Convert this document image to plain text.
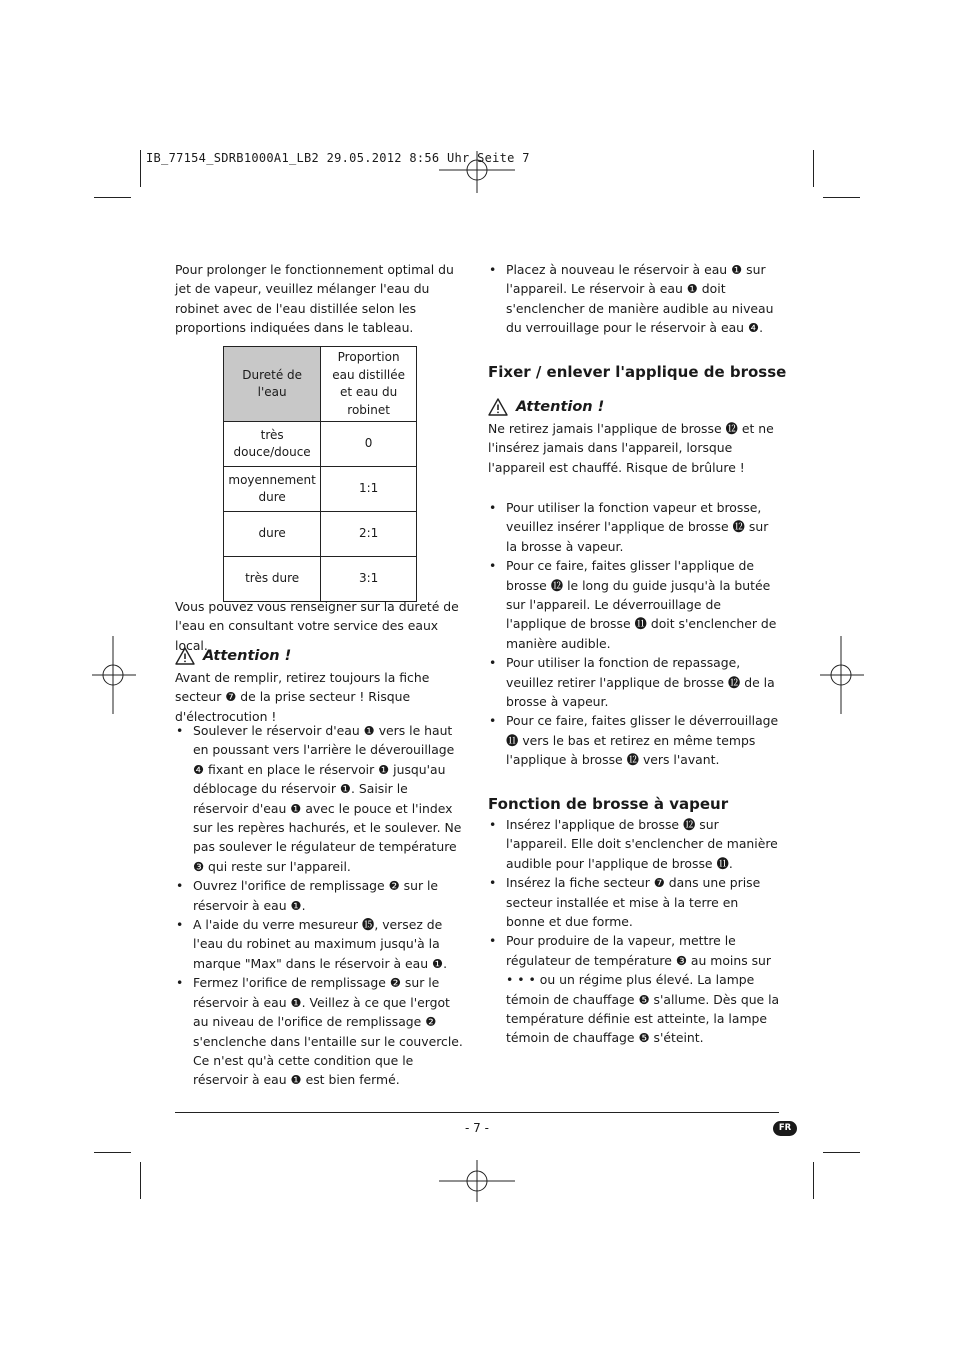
IB_77154_SDRB1000A1_LB2 29.05.2012 8:56 Uhr Seite 7
Pour prolonger le fonctionnement optimal du jet de vapeur, veuillez mélanger l'eau du robinet avec de l'eau distillée selon les proportions indiquées dans le tableau.
Dureté de l'eau	Proportion eau distillée et eau du robinet
très douce/douce	0
moyennement dure	1:1
dure	2:1
très dure	3:1
Vous pouvez vous renseigner sur la dureté de l'eau en consultant votre service des eaux local.
Attention !
Avant de remplir, retirez toujours la fiche secteur ❼ de la prise secteur ! Risque d'électrocution !
• Soulever le réservoir d'eau ❶ vers le haut en poussant vers l'arrière le déverouillage ❹ fixant en place le réservoir ❶ jusqu'au déblocage du réservoir ❶. Saisir le réservoir d'eau ❶ avec le pouce et l'index sur les repères hachurés, et le soulever. Ne pas soulever le régulateur de température ❸ qui reste sur l'appareil.
• Ouvrez l'orifice de remplissage ❷ sur le réservoir à eau ❶.
• A l'aide du verre mesureur ⓯, versez de l'eau du robinet au maximum jusqu'à la marque "Max" dans le réservoir à eau ❶.
• Fermez l'orifice de remplissage ❷ sur le réservoir à eau ❶. Veillez à ce que l'ergot au niveau de l'orifice de remplissage ❷ s'enclenche dans l'entaille sur le couvercle. Ce n'est qu'à cette condition que le réservoir à eau ❶ est bien fermé.
• Placez à nouveau le réservoir à eau ❶ sur l'appareil. Le réservoir à eau ❶ doit s'enclencher de manière audible au niveau du verrouillage pour le réservoir à eau ❹.
Fixer / enlever l'applique de brosse
Attention !
Ne retirez jamais l'applique de brosse ⓬ et ne l'insérez jamais dans l'appareil, lorsque l'appareil est chauffé. Risque de brûlure !
• Pour utiliser la fonction vapeur et brosse, veuillez insérer l'applique de brosse ⓬ sur la brosse à vapeur.
• Pour ce faire, faites glisser l'applique de brosse ⓬ le long du guide jusqu'à la butée sur l'appareil. Le déverrouillage de l'applique de brosse ⓫ doit s'enclencher de manière audible.
• Pour utiliser la fonction de repassage, veuillez retirer l'applique de brosse ⓬ de la brosse à vapeur.
• Pour ce faire, faites glisser le déverrouillage ⓫ vers le bas et retirez en même temps l'applique à brosse ⓬ vers l'avant.
Fonction de brosse à vapeur
• Insérez l'applique de brosse ⓬ sur l'appareil. Elle doit s'enclencher de manière audible pour l'applique de brosse ⓫.
• Insérez la fiche secteur ❼ dans une prise secteur installée et mise à la terre en bonne et due forme.
• Pour produire de la vapeur, mettre le régulateur de température ❸ au moins sur • • • ou un régime plus élevé. La lampe témoin de chauffage ❺ s'allume. Dès que la température définie est atteinte, la lampe témoin de chauffage ❺ s'éteint.
- 7 -	FR
